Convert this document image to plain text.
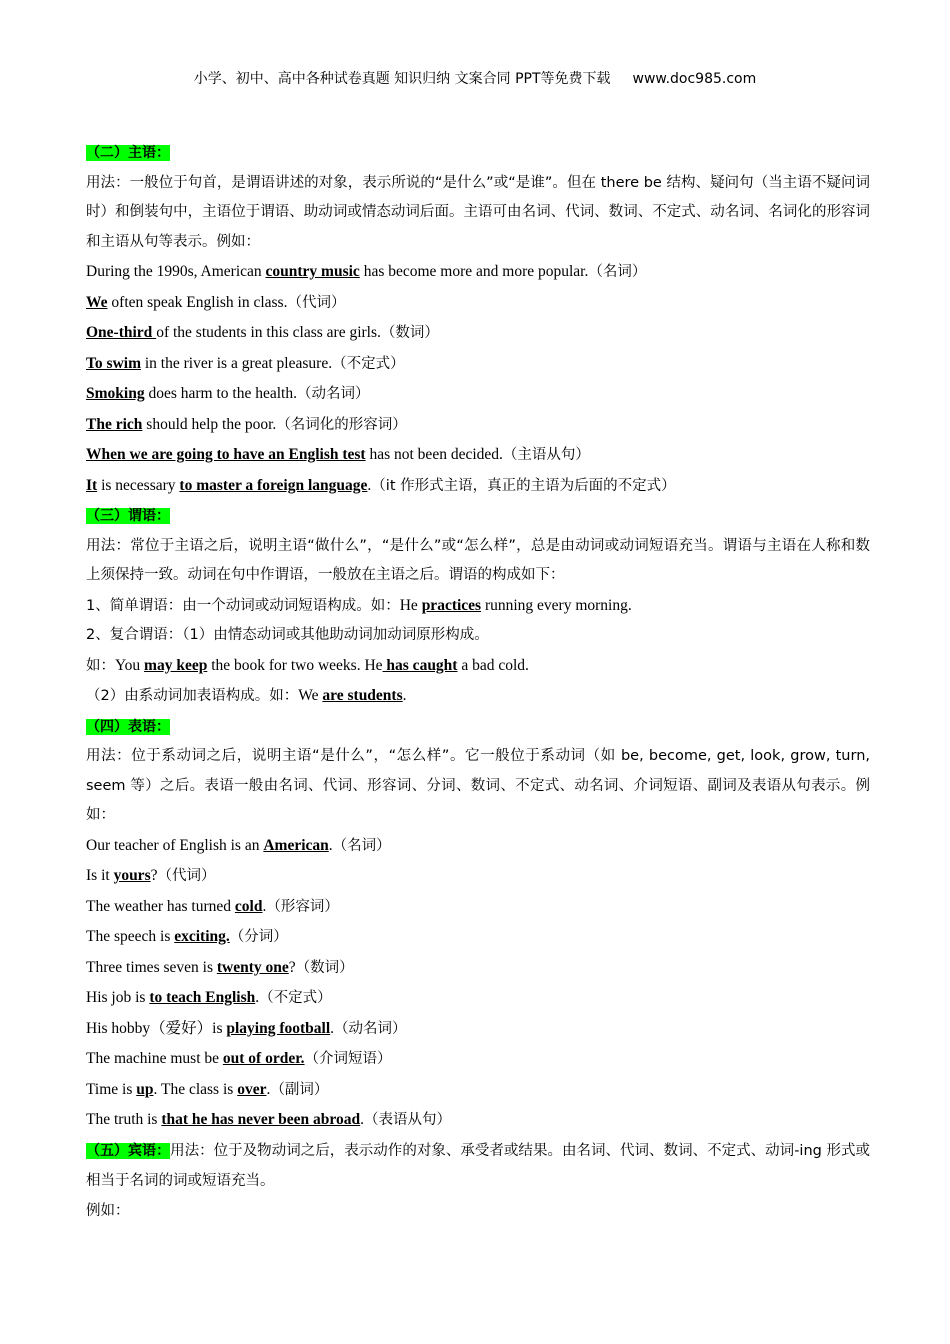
小学、初中、高中各种试卷真题 知识归纳 文案合同 PPT等免费下载 www.doc985.com

（二）主语：

用法：一般位于句首，是谓语讲述的对象，表示所说的“是什么”或“是谁”。但在 there be 结构、疑问句（当主语不疑问词时）和倒装句中，主语位于谓语、助动词或情态动词后面。主语可由名词、代词、数词、不定式、动名词、名词化的形容词和主语从句等表示。例如：

During the 1990s, American country music has become more and more popular.（名词）

We often speak English in class.（代词）

One-third of the students in this class are girls.（数词）

To swim in the river is a great pleasure.（不定式）

Smoking does harm to the health.（动名词）

The rich should help the poor.（名词化的形容词）

When we are going to have an English test has not been decided.（主语从句）

It is necessary to master a foreign language.（it 作形式主语，真正的主语为后面的不定式）

（三）谓语：

用法：常位于主语之后，说明主语“做什么”，“是什么”或“怎么样”，总是由动词或动词短语充当。谓语与主语在人称和数上须保持一致。动词在句中作谓语，一般放在主语之后。谓语的构成如下：

1、简单谓语：由一个动词或动词短语构成。如：He practices running every morning.

2、复合谓语：（1）由情态动词或其他助动词加动词原形构成。

如：You may keep the book for two weeks. He has caught a bad cold.

（2）由系动词加表语构成。如：We are students.

（四）表语：

用法：位于系动词之后，说明主语“是什么”，“怎么样”。它一般位于系动词（如 be, become, get, look, grow, turn, seem 等）之后。表语一般由名词、代词、形容词、分词、数词、不定式、动名词、介词短语、副词及表语从句表示。例如：

Our teacher of English is an American.（名词）

Is it yours?（代词）

The weather has turned cold.（形容词）

The speech is exciting.（分词）

Three times seven is twenty one?（数词）

His job is to teach English.（不定式）

His hobby（爱好）is playing football.（动名词）

The machine must be out of order.（介词短语）

Time is up. The class is over.（副词）

The truth is that he has never been abroad.（表语从句）

（五）宾语：用法：位于及物动词之后，表示动作的对象、承受者或结果。由名词、代词、数词、不定式、动词-ing 形式或相当于名词的词或短语充当。

例如：
